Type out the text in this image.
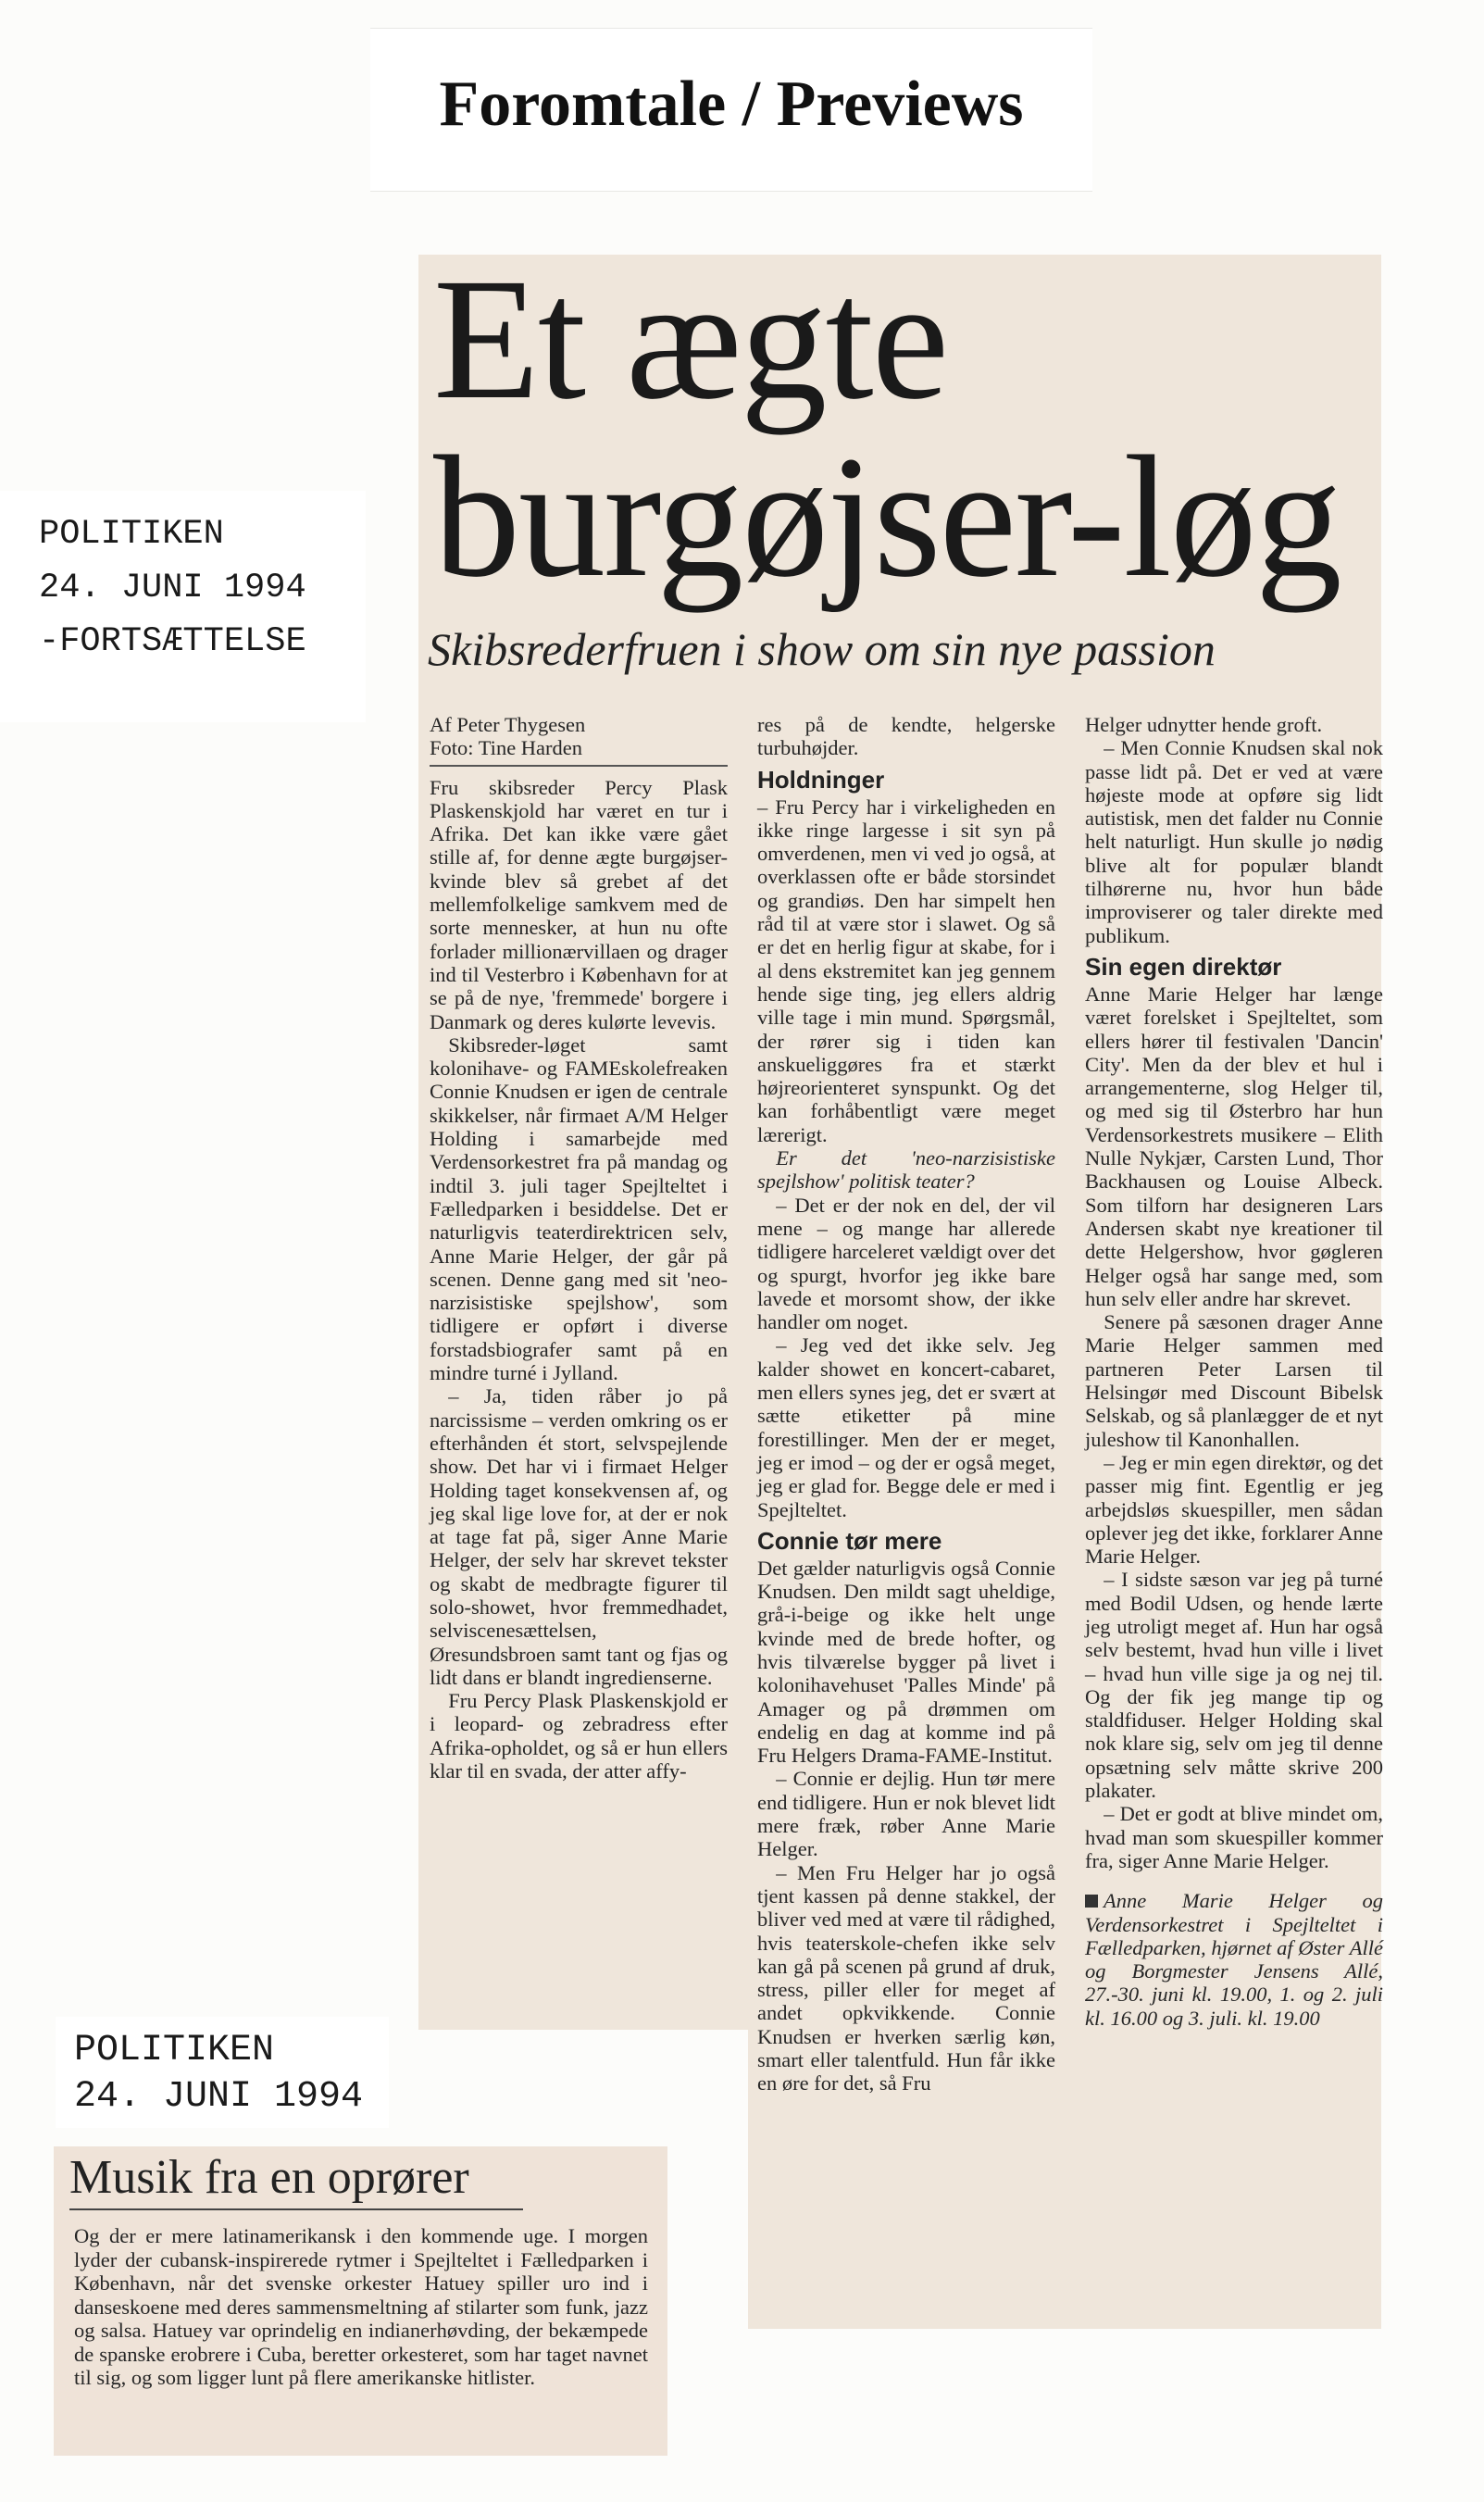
Foromtale / Previews
POLITIKEN
24. JUNI 1994
-FORTSÆTTELSE
Et ægte
burgøjser-løg
Skibsrederfruen i show om sin nye passion

Af Peter Thygesen

Foto: Tine Harden

Fru skibsreder Percy Plask Plaskenskjold har været en tur i Afrika. Det kan ikke være gået stille af, for denne ægte burgøjser-kvinde blev så grebet af det mellemfolkelige samkvem med de sorte mennesker, at hun nu ofte forlader millionærvillaen og drager ind til Vesterbro i København for at se på de nye, 'fremmede' borgere i Danmark og deres kulørte levevis.

Skibsreder-løget samt kolonihave- og FAMEskolefreaken Connie Knudsen er igen de centrale skikkelser, når firmaet A/M Helger Holding i samarbejde med Verdensorkestret fra på mandag og indtil 3. juli tager Spejlteltet i Fælledparken i besiddelse. Det er naturligvis teaterdirektricen selv, Anne Marie Helger, der går på scenen. Denne gang med sit 'neo-narzisistiske spejlshow', som tidligere er opført i diverse forstadsbiografer samt på en mindre turné i Jylland.

– Ja, tiden råber jo på narcissisme – verden omkring os er efterhånden ét stort, selvspejlende show. Det har vi i firmaet Helger Holding taget konsekvensen af, og jeg skal lige love for, at der er nok at tage fat på, siger Anne Marie Helger, der selv har skrevet tekster og skabt de medbragte figurer til solo-showet, hvor fremmedhadet, selviscenesættelsen, Øresundsbroen samt tant og fjas og lidt dans er blandt ingredienserne.

Fru Percy Plask Plaskenskjold er i leopard- og zebradress efter Afrika-opholdet, og så er hun ellers klar til en svada, der atter affy-

res på de kendte, helgerske turbuhøjder.

Holdninger

– Fru Percy har i virkeligheden en ikke ringe largesse i sit syn på omverdenen, men vi ved jo også, at overklassen ofte er både storsindet og grandiøs. Den har simpelt hen råd til at være stor i slawet. Og så er det en herlig figur at skabe, for i al dens ekstremitet kan jeg gennem hende sige ting, jeg ellers aldrig ville tage i min mund. Spørgsmål, der rører sig i tiden kan anskueliggøres fra et stærkt højreorienteret synspunkt. Og det kan forhåbentligt være meget lærerigt.

Er det 'neo-narzisistiske spejlshow' politisk teater?

– Det er der nok en del, der vil mene – og mange har allerede tidligere harceleret vældigt over det og spurgt, hvorfor jeg ikke bare lavede et morsomt show, der ikke handler om noget.

– Jeg ved det ikke selv. Jeg kalder showet en koncert-cabaret, men ellers synes jeg, det er svært at sætte etiketter på mine forestillinger. Men der er meget, jeg er imod – og der er også meget, jeg er glad for. Begge dele er med i Spejlteltet.

Connie tør mere

Det gælder naturligvis også Connie Knudsen. Den mildt sagt uheldige, grå-i-beige og ikke helt unge kvinde med de brede hofter, og hvis tilværelse bygger på livet i kolonihavehuset 'Palles Minde' på Amager og på drømmen om endelig en dag at komme ind på Fru Helgers Drama-FAME-Institut.

– Connie er dejlig. Hun tør mere end tidligere. Hun er nok blevet lidt mere fræk, røber Anne Marie Helger.

– Men Fru Helger har jo også tjent kassen på denne stakkel, der bliver ved med at være til rådighed, hvis teaterskole-chefen ikke selv kan gå på scenen på grund af druk, stress, piller eller for meget af andet opkvikkende. Connie Knudsen er hverken særlig køn, smart eller talentfuld. Hun får ikke en øre for det, så Fru

Helger udnytter hende groft.

– Men Connie Knudsen skal nok passe lidt på. Det er ved at være højeste mode at opføre sig lidt autistisk, men det falder nu Connie helt naturligt. Hun skulle jo nødig blive alt for populær blandt tilhørerne nu, hvor hun både improviserer og taler direkte med publikum.

Sin egen direktør

Anne Marie Helger har længe været forelsket i Spejlteltet, som ellers hører til festivalen 'Dancin' City'. Men da der blev et hul i arrangementerne, slog Helger til, og med sig til Østerbro har hun Verdensorkestrets musikere – Elith Nulle Nykjær, Carsten Lund, Thor Backhausen og Louise Albeck. Som tilforn har designeren Lars Andersen skabt nye kreationer til dette Helgershow, hvor gøgleren Helger også har sange med, som hun selv eller andre har skrevet.

Senere på sæsonen drager Anne Marie Helger sammen med partneren Peter Larsen til Helsingør med Discount Bibelsk Selskab, og så planlægger de et nyt juleshow til Kanonhallen.

– Jeg er min egen direktør, og det passer mig fint. Egentlig er jeg arbejdsløs skuespiller, men sådan oplever jeg det ikke, forklarer Anne Marie Helger.

– I sidste sæson var jeg på turné med Bodil Udsen, og hende lærte jeg utroligt meget af. Hun har også selv bestemt, hvad hun ville i livet – hvad hun ville sige ja og nej til. Og der fik jeg mange tip og staldfiduser. Helger Holding skal nok klare sig, selv om jeg til denne opsætning selv måtte skrive 200 plakater.

– Det er godt at blive mindet om, hvad man som skuespiller kommer fra, siger Anne Marie Helger.

Anne Marie Helger og Verdensorkestret i Spejlteltet i Fælledparken, hjørnet af Øster Allé og Borgmester Jensens Allé, 27.-30. juni kl. 19.00, 1. og 2. juli kl. 16.00 og 3. juli. kl. 19.00

POLITIKEN
24. JUNI 1994
Musik fra en oprører

Og der er mere latinamerikansk i den kommende uge. I morgen lyder der cubansk-inspirerede rytmer i Spejlteltet i Fælledparken i København, når det svenske orkester Hatuey spiller uro ind i danseskoene med deres sammensmeltning af stilarter som funk, jazz og salsa. Hatuey var oprindelig en indianerhøvding, der bekæmpede de spanske erobrere i Cuba, beretter orkesteret, som har taget navnet til sig, og som ligger lunt på flere amerikanske hitlister.
